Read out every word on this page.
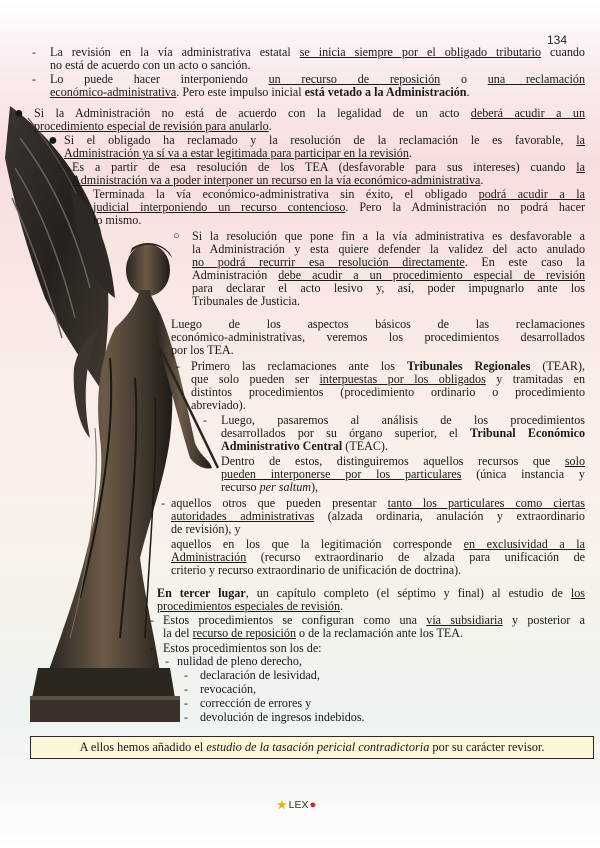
134
- La revisión en la vía administrativa estatal se inicia siempre por el obligado tributario cuando
no está de acuerdo con un acto o sanción.
- Lo puede hacer interponiendo un recurso de reposición o una reclamación
económico-administrativa. Pero este impulso inicial está vetado a la Administración.
● Si la Administración no está de acuerdo con la legalidad de un acto deberá acudir a un
procedimiento especial de revisión para anularlo.
● Si el obligado ha reclamado y la resolución de la reclamación le es favorable, la
Administración ya sí va a estar legitimada para participar en la revisión.
○ Es a partir de esa resolución de los TEA (desfavorable para sus intereses) cuando la
Administración va a poder interponer un recurso en la vía económico-administrativa.
○ Terminada la vía económico-administrativa sin éxito, el obligado podrá acudir a la
judicial interponiendo un recurso contencioso. Pero la Administración no podrá hacer
lo mismo.
○ Si la resolución que pone fin a la vía administrativa es desfavorable a
la Administración y esta quiere defender la validez del acto anulado
no podrá recurrir esa resolución directamente. En este caso la
Administración debe acudir a un procedimiento especial de revisión
para declarar el acto lesivo y, así, poder impugnarlo ante los
Tribunales de Justicia.
Luego de los aspectos básicos de las reclamaciones
económico-administrativas, veremos los procedimientos desarrollados
por los TEA.
- Primero las reclamaciones ante los Tribunales Regionales (TEAR),
que solo pueden ser interpuestas por los obligados y tramitadas en
distintos procedimientos (procedimiento ordinario o procedimiento
abreviado).
- Luego, pasaremos al análisis de los procedimientos
desarrollados por su órgano superior, el Tribunal Económico
Administrativo Central (TEAC).
Dentro de estos, distinguiremos aquellos recursos que solo
pueden interponerse por los particulares (única instancia y
recurso per saltum),
- aquellos otros que pueden presentar tanto los particulares como ciertas
autoridades administrativas (alzada ordinaria, anulación y extraordinario
de revisión), y
aquellos en los que la legitimación corresponde en exclusividad a la
Administración (recurso extraordinario de alzada para unificación de
criterio y recurso extraordinario de unificación de doctrina).
En tercer lugar, un capítulo completo (el séptimo y final) al estudio de los
procedimientos especiales de revisión.
- Estos procedimientos se configuran como una vía subsidiaria y posterior a
la del recurso de reposición o de la reclamación ante los TEA.
- Estos procedimientos son los de:
- nulidad de pleno derecho,
- declaración de lesividad,
- revocación,
- corrección de errores y
- devolución de ingresos indebidos.
A ellos hemos añadido el estudio de la tasación pericial contradictoria por su carácter revisor.
★ LEX ●
